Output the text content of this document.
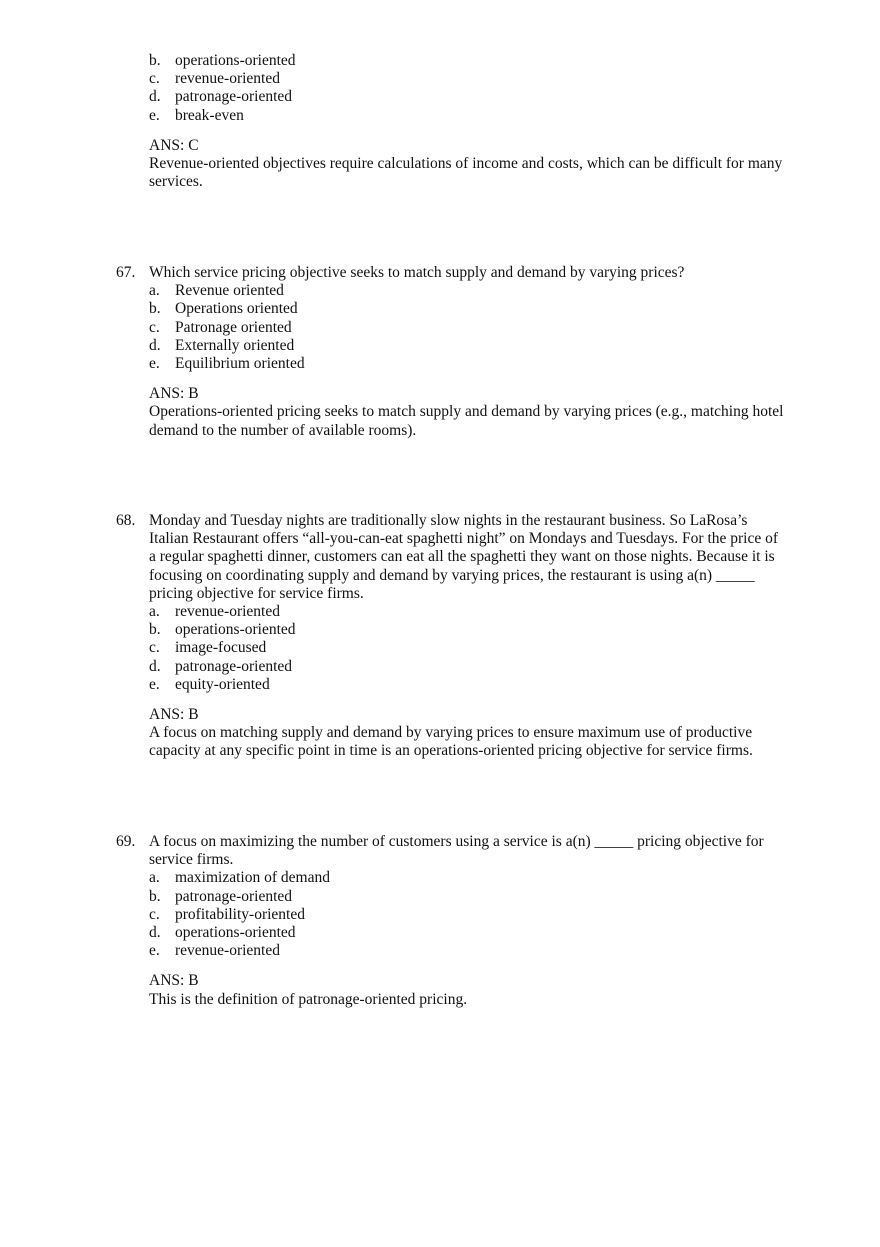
b. operations-oriented
c. revenue-oriented
d. patronage-oriented
e. break-even
ANS: C
Revenue-oriented objectives require calculations of income and costs, which can be difficult for many
services.
67. Which service pricing objective seeks to match supply and demand by varying prices?
a. Revenue oriented
b. Operations oriented
c. Patronage oriented
d. Externally oriented
e. Equilibrium oriented
ANS: B
Operations-oriented pricing seeks to match supply and demand by varying prices (e.g., matching hotel
demand to the number of available rooms).
68. Monday and Tuesday nights are traditionally slow nights in the restaurant business. So LaRosa’s
Italian Restaurant offers “all-you-can-eat spaghetti night” on Mondays and Tuesdays. For the price of
a regular spaghetti dinner, customers can eat all the spaghetti they want on those nights. Because it is
focusing on coordinating supply and demand by varying prices, the restaurant is using a(n) _____
pricing objective for service firms.
a. revenue-oriented
b. operations-oriented
c. image-focused
d. patronage-oriented
e. equity-oriented
ANS: B
A focus on matching supply and demand by varying prices to ensure maximum use of productive
capacity at any specific point in time is an operations-oriented pricing objective for service firms.
69. A focus on maximizing the number of customers using a service is a(n) _____ pricing objective for
service firms.
a. maximization of demand
b. patronage-oriented
c. profitability-oriented
d. operations-oriented
e. revenue-oriented
ANS: B
This is the definition of patronage-oriented pricing.
